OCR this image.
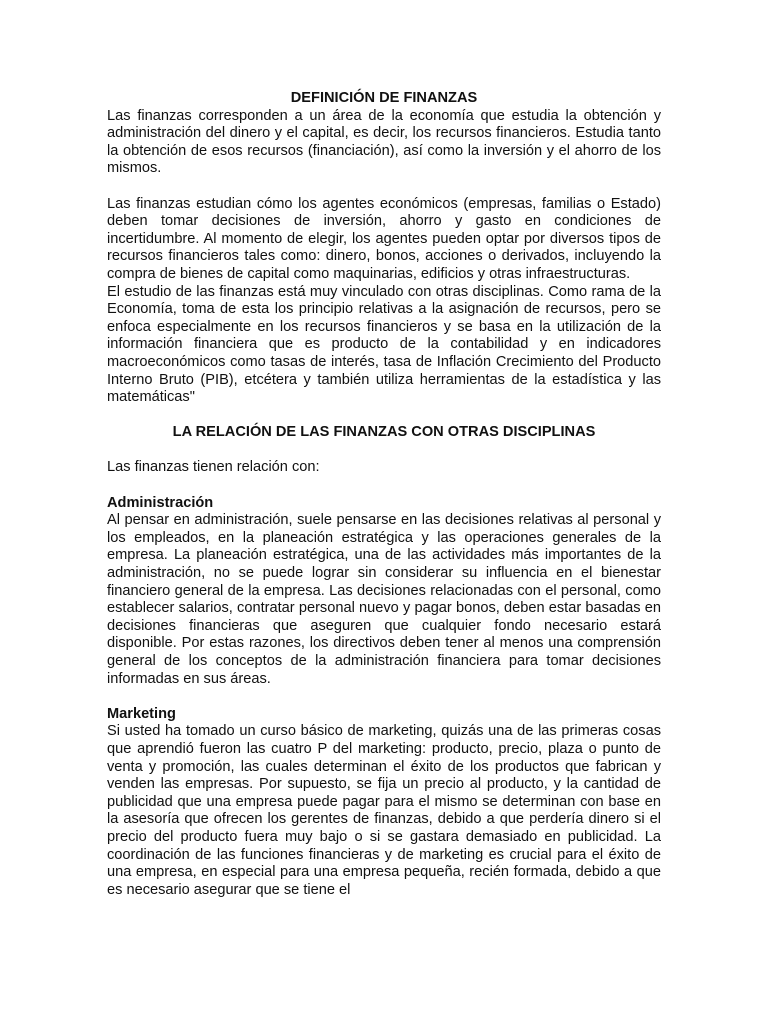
DEFINICIÓN DE FINANZAS

Las finanzas corresponden a un área de la economía que estudia la obtención y administración del dinero y el capital, es decir, los recursos financieros. Estudia tanto la obtención de esos recursos (financiación), así como la inversión y el ahorro de los mismos.

Las finanzas estudian cómo los agentes económicos (empresas, familias o Estado) deben tomar decisiones de inversión, ahorro y gasto en condiciones de incertidumbre. Al momento de elegir, los agentes pueden optar por diversos tipos de recursos financieros tales como: dinero, bonos, acciones o derivados, incluyendo la compra de bienes de capital como maquinarias, edificios y otras infraestructuras.

El estudio de las finanzas está muy vinculado con otras disciplinas. Como rama de la Economía, toma de esta los principio relativas a la asignación de recursos, pero se enfoca especialmente en los recursos financieros y se basa en la utilización de la información financiera que es producto de la contabilidad y en indicadores macroeconómicos como tasas de interés, tasa de Inflación Crecimiento del Producto Interno Bruto (PIB), etcétera y también utiliza herramientas de la estadística y las matemáticas"

LA RELACIÓN DE LAS FINANZAS CON OTRAS DISCIPLINAS

Las finanzas tienen relación con:

Administración

Al pensar en administración, suele pensarse en las decisiones relativas al personal y los empleados, en la planeación estratégica y las operaciones generales de la empresa. La planeación estratégica, una de las actividades más importantes de la administración, no se puede lograr sin considerar su influencia en el bienestar financiero general de la empresa. Las decisiones relacionadas con el personal, como establecer salarios, contratar personal nuevo y pagar bonos, deben estar basadas en decisiones financieras que aseguren que cualquier fondo necesario estará disponible. Por estas razones, los directivos deben tener al menos una comprensión general de los conceptos de la administración financiera para tomar decisiones informadas en sus áreas.

Marketing

Si usted ha tomado un curso básico de marketing, quizás una de las primeras cosas que aprendió fueron las cuatro P del marketing: producto, precio, plaza o punto de venta y promoción, las cuales determinan el éxito de los productos que fabrican y venden las empresas. Por supuesto, se fija un precio al producto, y la cantidad de publicidad que una empresa puede pagar para el mismo se determinan con base en la asesoría que ofrecen los gerentes de finanzas, debido a que perdería dinero si el precio del producto fuera muy bajo o si se gastara demasiado en publicidad. La coordinación de las funciones financieras y de marketing es crucial para el éxito de una empresa, en especial para una empresa pequeña, recién formada, debido a que es necesario asegurar que se tiene el
